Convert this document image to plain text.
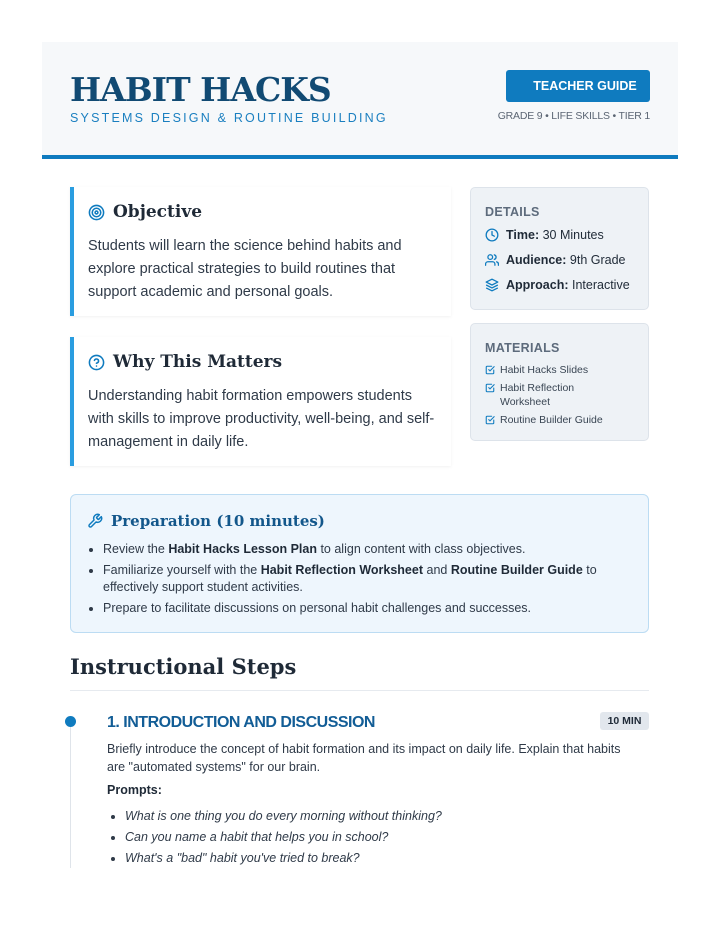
HABIT HACKS
SYSTEMS DESIGN & ROUTINE BUILDING
TEACHER GUIDE
GRADE 9 • LIFE SKILLS • TIER 1
Objective
Students will learn the science behind habits and explore practical strategies to build routines that support academic and personal goals.
Why This Matters
Understanding habit formation empowers students with skills to improve productivity, well-being, and self-management in daily life.
DETAILS
Time: 30 Minutes
Audience: 9th Grade
Approach: Interactive
MATERIALS
Habit Hacks Slides
Habit Reflection Worksheet
Routine Builder Guide
Preparation (10 minutes)
• Review the Habit Hacks Lesson Plan to align content with class objectives.
• Familiarize yourself with the Habit Reflection Worksheet and Routine Builder Guide to effectively support student activities.
• Prepare to facilitate discussions on personal habit challenges and successes.
Instructional Steps
1. INTRODUCTION AND DISCUSSION	10 MIN
Briefly introduce the concept of habit formation and its impact on daily life. Explain that habits are "automated systems" for our brain.
Prompts:
• What is one thing you do every morning without thinking?
• Can you name a habit that helps you in school?
• What's a "bad" habit you've tried to break?
